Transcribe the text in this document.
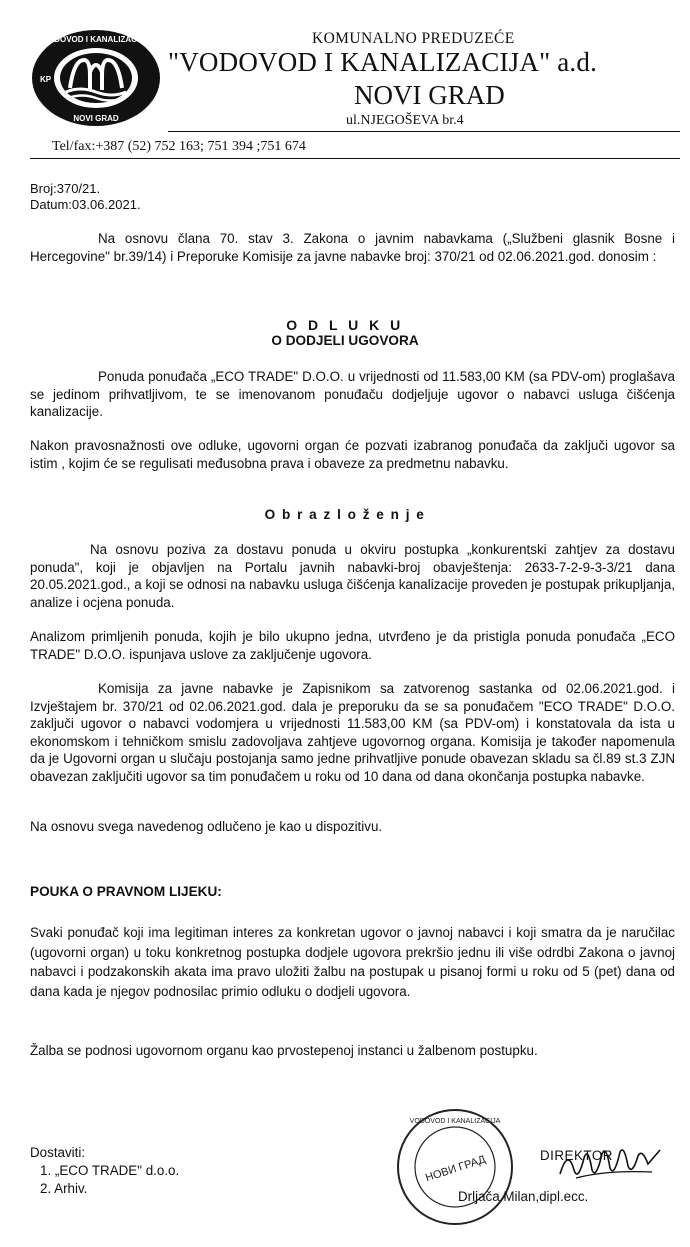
VODOVOD I KANALIZACIJA
NOVI GRAD
KP
KOMUNALNO PREDUZEĆE
"VODOVOD I KANALIZACIJA" a.d.
NOVI GRAD
ul.NJEGOŠEVA br.4
Tel/fax:+387 (52) 752 163; 751 394 ;751 674
Broj:370/21.
Datum:03.06.2021.

Na osnovu člana 70. stav 3. Zakona o javnim nabavkama („Službeni glasnik Bosne i Hercegovine" br.39/14) i Preporuke Komisije za javne nabavke broj: 370/21 od 02.06.2021.god. donosim :

O D L U K U
O DODJELI UGOVORA

Ponuda ponuđača „ECO TRADE" D.O.O. u vrijednosti od 11.583,00 KM (sa PDV-om) proglašava se jedinom prihvatljivom, te se imenovanom ponuđaču dodjeljuje ugovor o nabavci usluga čišćenja kanalizacije.

Nakon pravosnažnosti ove odluke, ugovorni organ će pozvati izabranog ponuđača da zaključi ugovor sa istim , kojim će se regulisati međusobna prava i obaveze za predmetnu nabavku.

O b r a z l o ž e n j e

Na osnovu poziva za dostavu ponuda u okviru postupka „konkurentski zahtjev za dostavu ponuda", koji je objavljen na Portalu javnih nabavki-broj obavještenja: 2633-7-2-9-3-3/21 dana 20.05.2021.god., a koji se odnosi na nabavku usluga čišćenja kanalizacije proveden je postupak prikupljanja, analize i ocjena ponuda.

Analizom primljenih ponuda, kojih je bilo ukupno jedna, utvrđeno je da pristigla ponuda ponuđača „ECO TRADE" D.O.O. ispunjava uslove za zaključenje ugovora.

Komisija za javne nabavke je Zapisnikom sa zatvorenog sastanka od 02.06.2021.god. i Izvještajem br. 370/21 od 02.06.2021.god. dala je preporuku da se sa ponuđačem "ECO TRADE" D.O.O. zaključi ugovor o nabavci vodomjera u vrijednosti 11.583,00 KM (sa PDV-om) i konstatovala da ista u ekonomskom i tehničkom smislu zadovoljava zahtjeve ugovornog organa. Komisija je također napomenula da je Ugovorni organ u slučaju postojanja samo jedne prihvatljive ponude obavezan skladu sa čl.89 st.3 ZJN obavezan zaključiti ugovor sa tim ponuđačem u roku od 10 dana od dana okončanja postupka nabavke.

Na osnovu svega navedenog odlučeno je kao u dispozitivu.

POUKA O PRAVNOM LIJEKU:

Svaki ponuđač koji ima legitiman interes za konkretan ugovor o javnoj nabavci i koji smatra da je naručilac (ugovorni organ) u toku konkretnog postupka dodjele ugovora prekršio jednu ili više odrdbi Zakona o javnoj nabavci i podzakonskih akata ima pravo uložiti žalbu na postupak u pisanoj formi u roku od 5 (pet) dana od dana kada je njegov podnosilac primio odluku o dodjeli ugovora.

Žalba se podnosi ugovornom organu kao prvostepenoj instanci u žalbenom postupku.

Dostaviti:
1. „ECO TRADE" d.o.o.
2. Arhiv.
VODOVOD I KANALIZACIJA
НОВИ ГРАД	DIREKTOR
Drljača Milan,dipl.ecc.
